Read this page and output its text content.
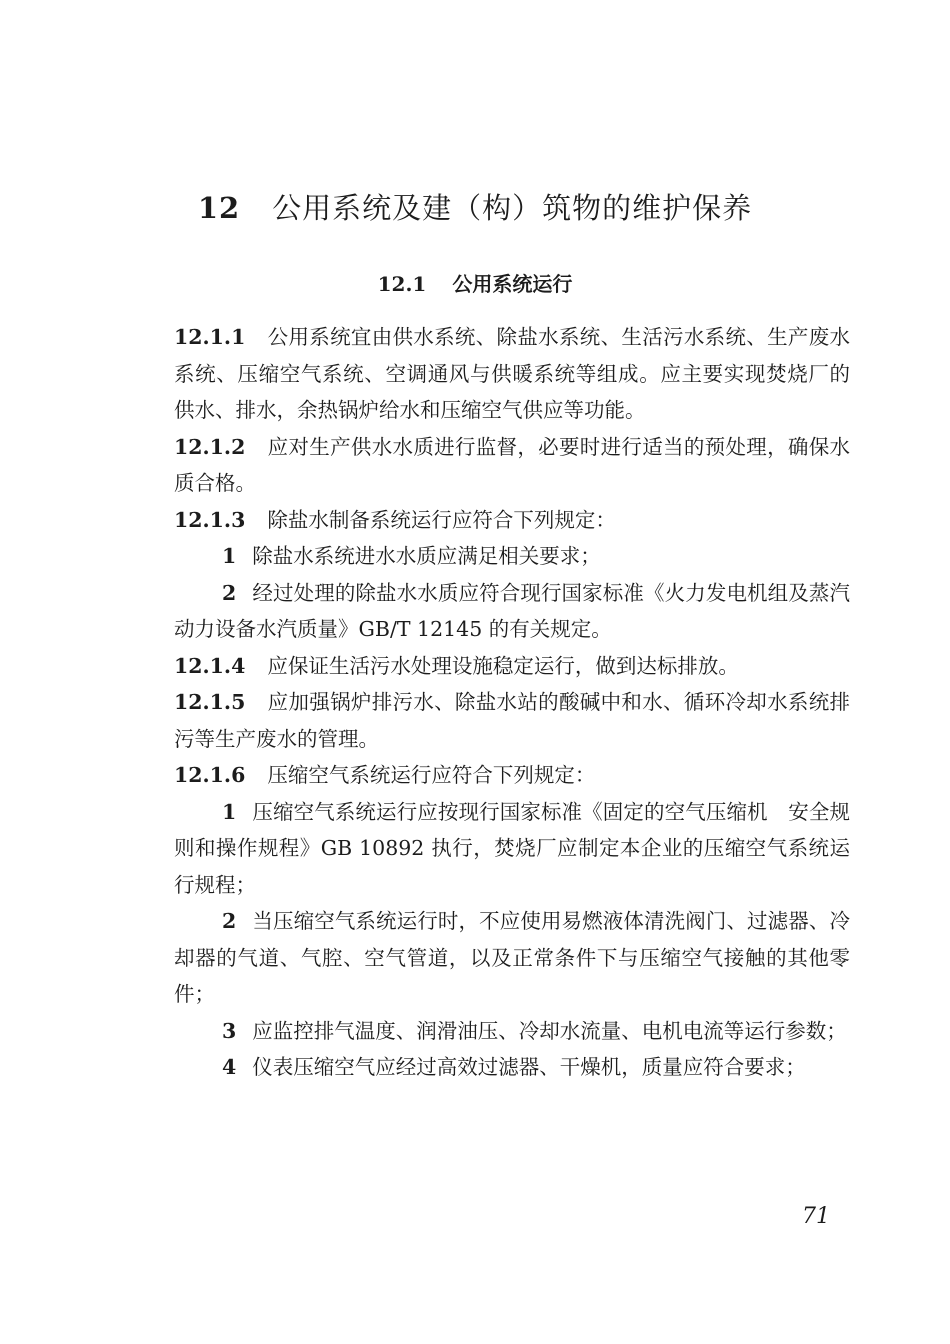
12 公用系统及建（构）筑物的维护保养
12.1 公用系统运行

12.1.1 公用系统宜由供水系统、除盐水系统、生活污水系统、生产废水系统、压缩空气系统、空调通风与供暖系统等组成。应主要实现焚烧厂的供水、排水，余热锅炉给水和压缩空气供应等功能。

12.1.2 应对生产供水水质进行监督，必要时进行适当的预处理，确保水质合格。

12.1.3 除盐水制备系统运行应符合下列规定：

1 除盐水系统进水水质应满足相关要求；

2 经过处理的除盐水水质应符合现行国家标准《火力发电机组及蒸汽动力设备水汽质量》GB/T 12145 的有关规定。

12.1.4 应保证生活污水处理设施稳定运行，做到达标排放。

12.1.5 应加强锅炉排污水、除盐水站的酸碱中和水、循环冷却水系统排污等生产废水的管理。

12.1.6 压缩空气系统运行应符合下列规定：

1 压缩空气系统运行应按现行国家标准《固定的空气压缩机　安全规则和操作规程》GB 10892 执行，焚烧厂应制定本企业的压缩空气系统运行规程；

2 当压缩空气系统运行时，不应使用易燃液体清洗阀门、过滤器、冷却器的气道、气腔、空气管道，以及正常条件下与压缩空气接触的其他零件；

3 应监控排气温度、润滑油压、冷却水流量、电机电流等运行参数；

4 仪表压缩空气应经过高效过滤器、干燥机，质量应符合要求；

71
